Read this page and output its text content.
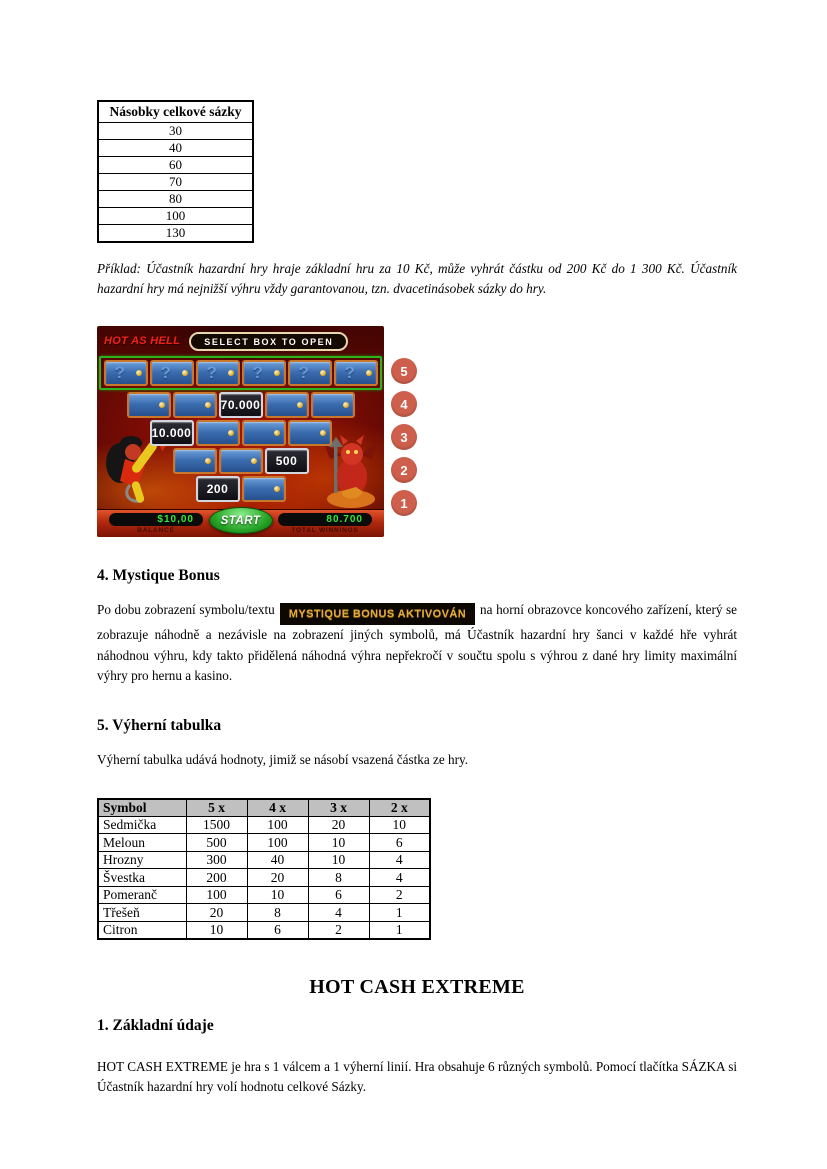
Násobky celkové sázky
30
40
60
70
80
100
130

Příklad: Účastník hazardní hry hraje základní hru za 10 Kč, může vyhrát částku od 200 Kč do 1 300 Kč. Účastník hazardní hry má nejnižší výhru vždy garantovanou, tzn. dvacetinásobek sázky do hry.

HOT AS HELL	SELECT BOX TO OPEN
? ? ? ? ? ?
70.000
10.000
500
200
$10,00
BALANCE
START	80.700
TOTAL WINNINGS
5
4
3
2
1
4. Mystique Bonus

Po dobu zobrazení symbolu/textu MYSTIQUE BONUS AKTIVOVÁN na horní obrazovce koncového zařízení, který se zobrazuje náhodně a nezávisle na zobrazení jiných symbolů, má Účastník hazardní hry šanci v každé hře vyhrát náhodnou výhru, kdy takto přidělená náhodná výhra nepřekročí v součtu spolu s výhrou z dané hry limity maximální výhry pro hernu a kasino.

5. Výherní tabulka

Výherní tabulka udává hodnoty, jimiž se násobí vsazená částka ze hry.

Symbol	5 x	4 x	3 x	2 x
Sedmička	1500	100	20	10
Meloun	500	100	10	6
Hrozny	300	40	10	4
Švestka	200	20	8	4
Pomeranč	100	10	6	2
Třešeň	20	8	4	1
Citron	10	6	2	1
HOT CASH EXTREME
1. Základní údaje

HOT CASH EXTREME je hra s 1 válcem a 1 výherní linií. Hra obsahuje 6 různých symbolů. Pomocí tlačítka SÁZKA si Účastník hazardní hry volí hodnotu celkové Sázky.
